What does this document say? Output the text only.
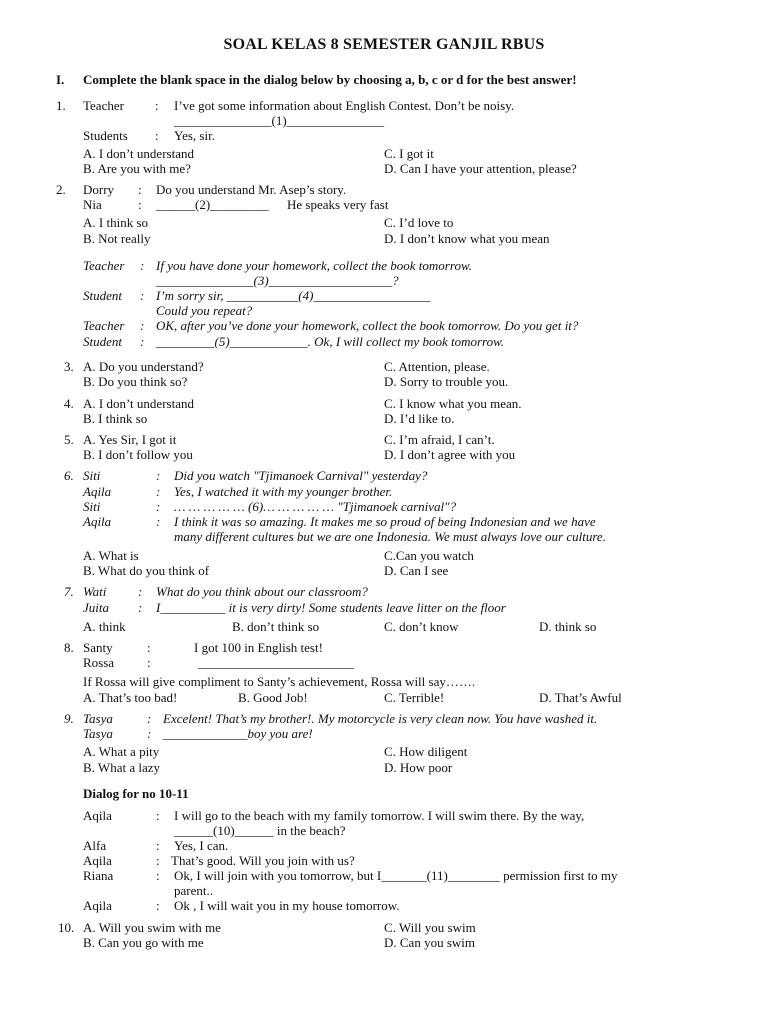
SOAL KELAS 8 SEMESTER GANJIL RBUS
I. Complete the blank space in the dialog below by choosing a, b, c or d for the best answer!
1. Teacher : I’ve got some information about English Contest. Don’t be noisy.
_______________(1)_______________
Students : Yes, sir.
A. I don’t understand	C. I got it
B. Are you with me?	D. Can I have your attention, please?
2. Dorry : Do you understand Mr. Asep’s story.
Nia	: ______(2)_________ He speaks very fast
A. I think so	C. I’d love to
B. Not really	D. I don’t know what you mean
Teacher : If you have done your homework, collect the book tomorrow.
_______________(3)___________________?
Student : I’m sorry sir, ___________(4)__________________
Could you repeat?
Teacher : OK, after you’ve done your homework, collect the book tomorrow. Do you get it?
Student : _________(5)____________. Ok, I will collect my book tomorrow.
3. A. Do you understand?	C. Attention, please.
B. Do you think so?	D. Sorry to trouble you.
4. A. I don’t understand	C. I know what you mean.
B. I think so	D. I’d like to.
5. A. Yes Sir, I got it	C. I’m afraid, I can’t.
B. I don’t follow you	D. I don’t agree with you
6. Siti	: Did you watch "Tjimanoek Carnival" yesterday?
Aqila	: Yes, I watched it with my younger brother.
Siti	: … … … … … (6)… … … … … "Tjimanoek carnival"?
Aqila	: I think it was so amazing. It makes me so proud of being Indonesian and we have
many different cultures but we are one Indonesia. We must always love our culture.
A. What is	C.Can you watch
B. What do you think of	D. Can I see
7. Wati : What do you think about our classroom?
Juita : I__________ it is very dirty! Some students leave litter on the floor
A. think	B. don’t think so	C. don’t know	D. think so
8. Santy	:	I got 100 in English test!
Rossa	:	________________________
If Rossa will give compliment to Santy’s achievement, Rossa will say…….
A. That’s too bad!	B. Good Job!	C. Terrible!	D. That’s Awful
9. Tasya	: Excelent! That’s my brother!. My motorcycle is very clean now. You have washed it.
Tasya	: _____________boy you are!
A. What a pity	C. How diligent
B. What a lazy	D. How poor
Dialog for no 10-11
Aqila	: I will go to the beach with my family tomorrow. I will swim there. By the way,
______(10)______ in the beach?
Alfa	: Yes, I can.
Aqila	: That’s good. Will you join with us?
Riana	: Ok, I will join with you tomorrow, but I_______(11)________ permission first to my
parent..
Aqila	: Ok , I will wait you in my house tomorrow.
10. A. Will you swim with me	C. Will you swim
B. Can you go with me	D. Can you swim
